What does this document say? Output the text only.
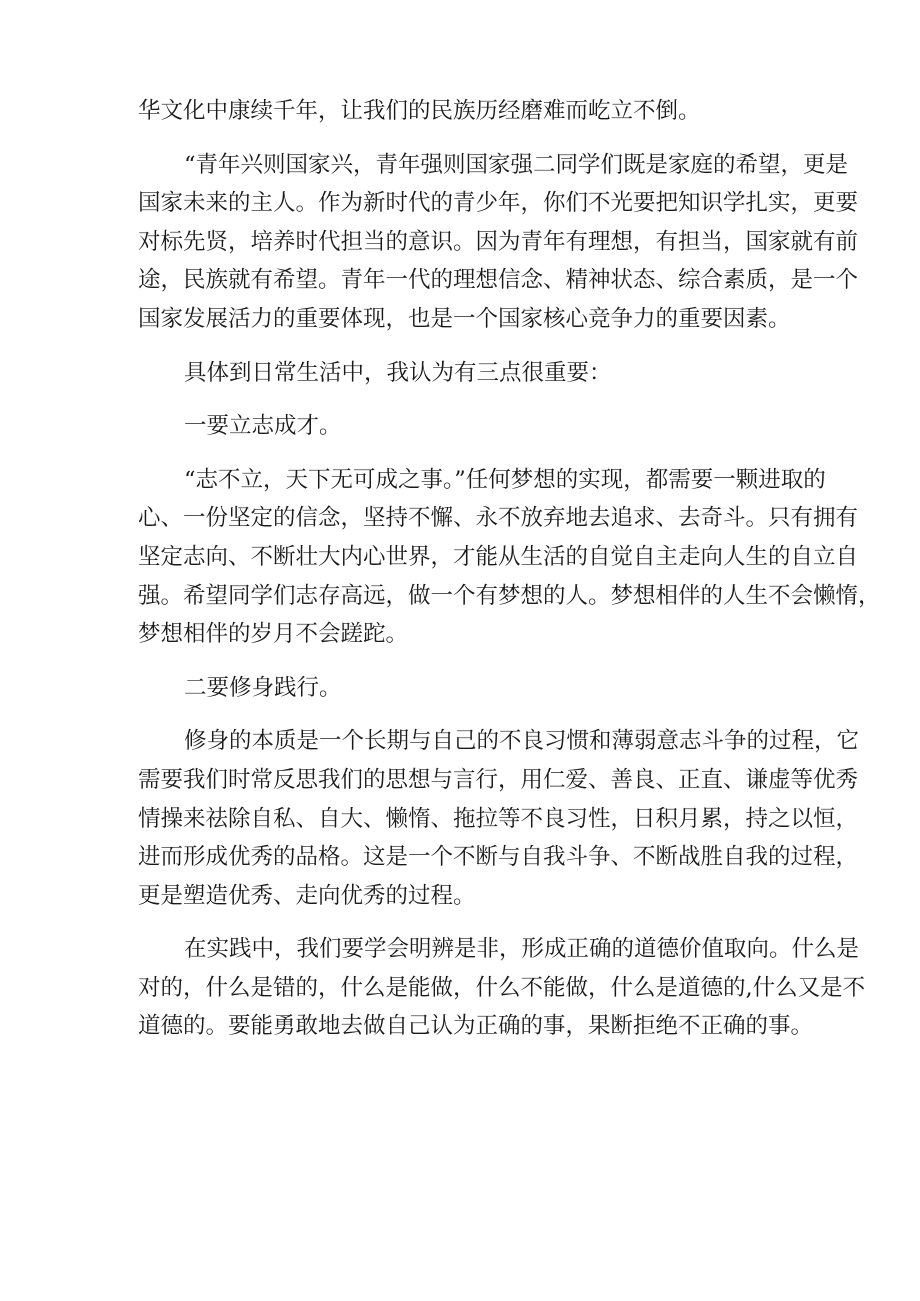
华文化中康续千年，让我们的民族历经磨难而屹立不倒。
“青年兴则国家兴，青年强则国家强二同学们既是家庭的希望，更是
国家未来的主人。作为新时代的青少年，你们不光要把知识学扎实，更要
对标先贤，培养时代担当的意识。因为青年有理想，有担当，国家就有前
途，民族就有希望。青年一代的理想信念、精神状态、综合素质，是一个
国家发展活力的重要体现，也是一个国家核心竞争力的重要因素。
具体到日常生活中，我认为有三点很重要：
一要立志成才。
“志不立，天下无可成之事。”任何梦想的实现，都需要一颗进取的
心、一份坚定的信念，坚持不懈、永不放弃地去追求、去奇斗。只有拥有
坚定志向、不断壮大内心世界，才能从生活的自觉自主走向人生的自立自
强。希望同学们志存高远，做一个有梦想的人。梦想相伴的人生不会懒惰，
梦想相伴的岁月不会蹉跎。
二要修身践行。
修身的本质是一个长期与自己的不良习惯和薄弱意志斗争的过程，它
需要我们时常反思我们的思想与言行，用仁爱、善良、正直、谦虚等优秀
情操来祛除自私、自大、懒惰、拖拉等不良习性，日积月累，持之以恒，
进而形成优秀的品格。这是一个不断与自我斗争、不断战胜自我的过程，
更是塑造优秀、走向优秀的过程。
在实践中，我们要学会明辨是非，形成正确的道德价值取向。什么是
对的，什么是错的，什么是能做，什么不能做，什么是道德的,什么又是不
道德的。要能勇敢地去做自己认为正确的事，果断拒绝不正确的事。
